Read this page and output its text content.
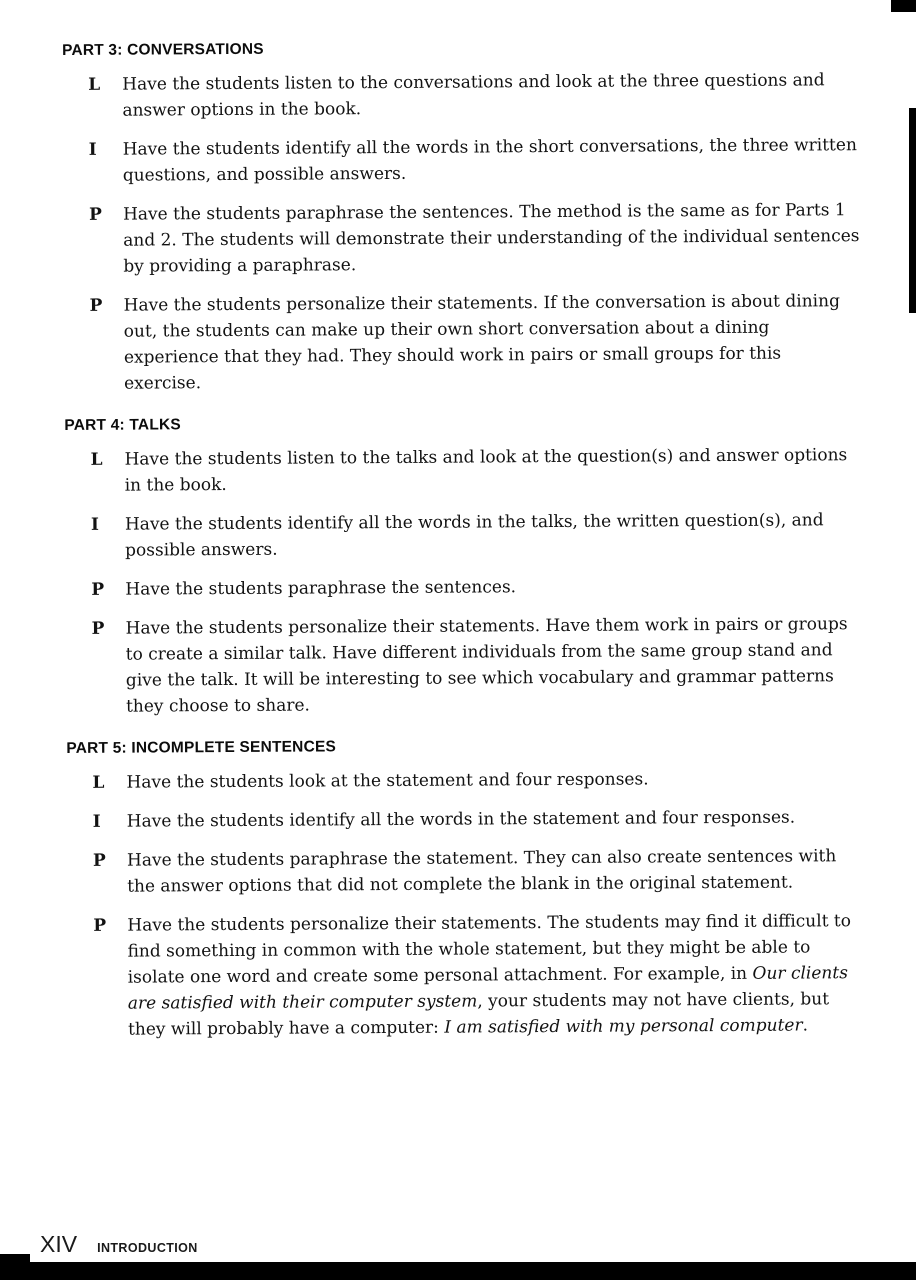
PART 3: CONVERSATIONS
L	Have the students listen to the conversations and look at the three questions and answer options in the book.
I	Have the students identify all the words in the short conversations, the three written questions, and possible answers.
P	Have the students paraphrase the sentences. The method is the same as for Parts 1 and 2. The students will demonstrate their understanding of the individual sentences by providing a paraphrase.
P	Have the students personalize their statements. If the conversation is about dining out, the students can make up their own short conversation about a dining experience that they had. They should work in pairs or small groups for this exercise.
PART 4: TALKS
L	Have the students listen to the talks and look at the question(s) and answer options in the book.
I	Have the students identify all the words in the talks, the written question(s), and possible answers.
P	Have the students paraphrase the sentences.
P	Have the students personalize their statements. Have them work in pairs or groups to create a similar talk. Have different individuals from the same group stand and give the talk. It will be interesting to see which vocabulary and grammar patterns they choose to share.
PART 5: INCOMPLETE SENTENCES
L	Have the students look at the statement and four responses.
I	Have the students identify all the words in the statement and four responses.
P	Have the students paraphrase the statement. They can also create sentences with the answer options that did not complete the blank in the original statement.
P	Have the students personalize their statements. The students may find it difficult to find something in common with the whole statement, but they might be able to isolate one word and create some personal attachment. For example, in Our clients are satisfied with their computer system, your students may not have clients, but they will probably have a computer: I am satisfied with my personal computer.
XIV INTRODUCTION
